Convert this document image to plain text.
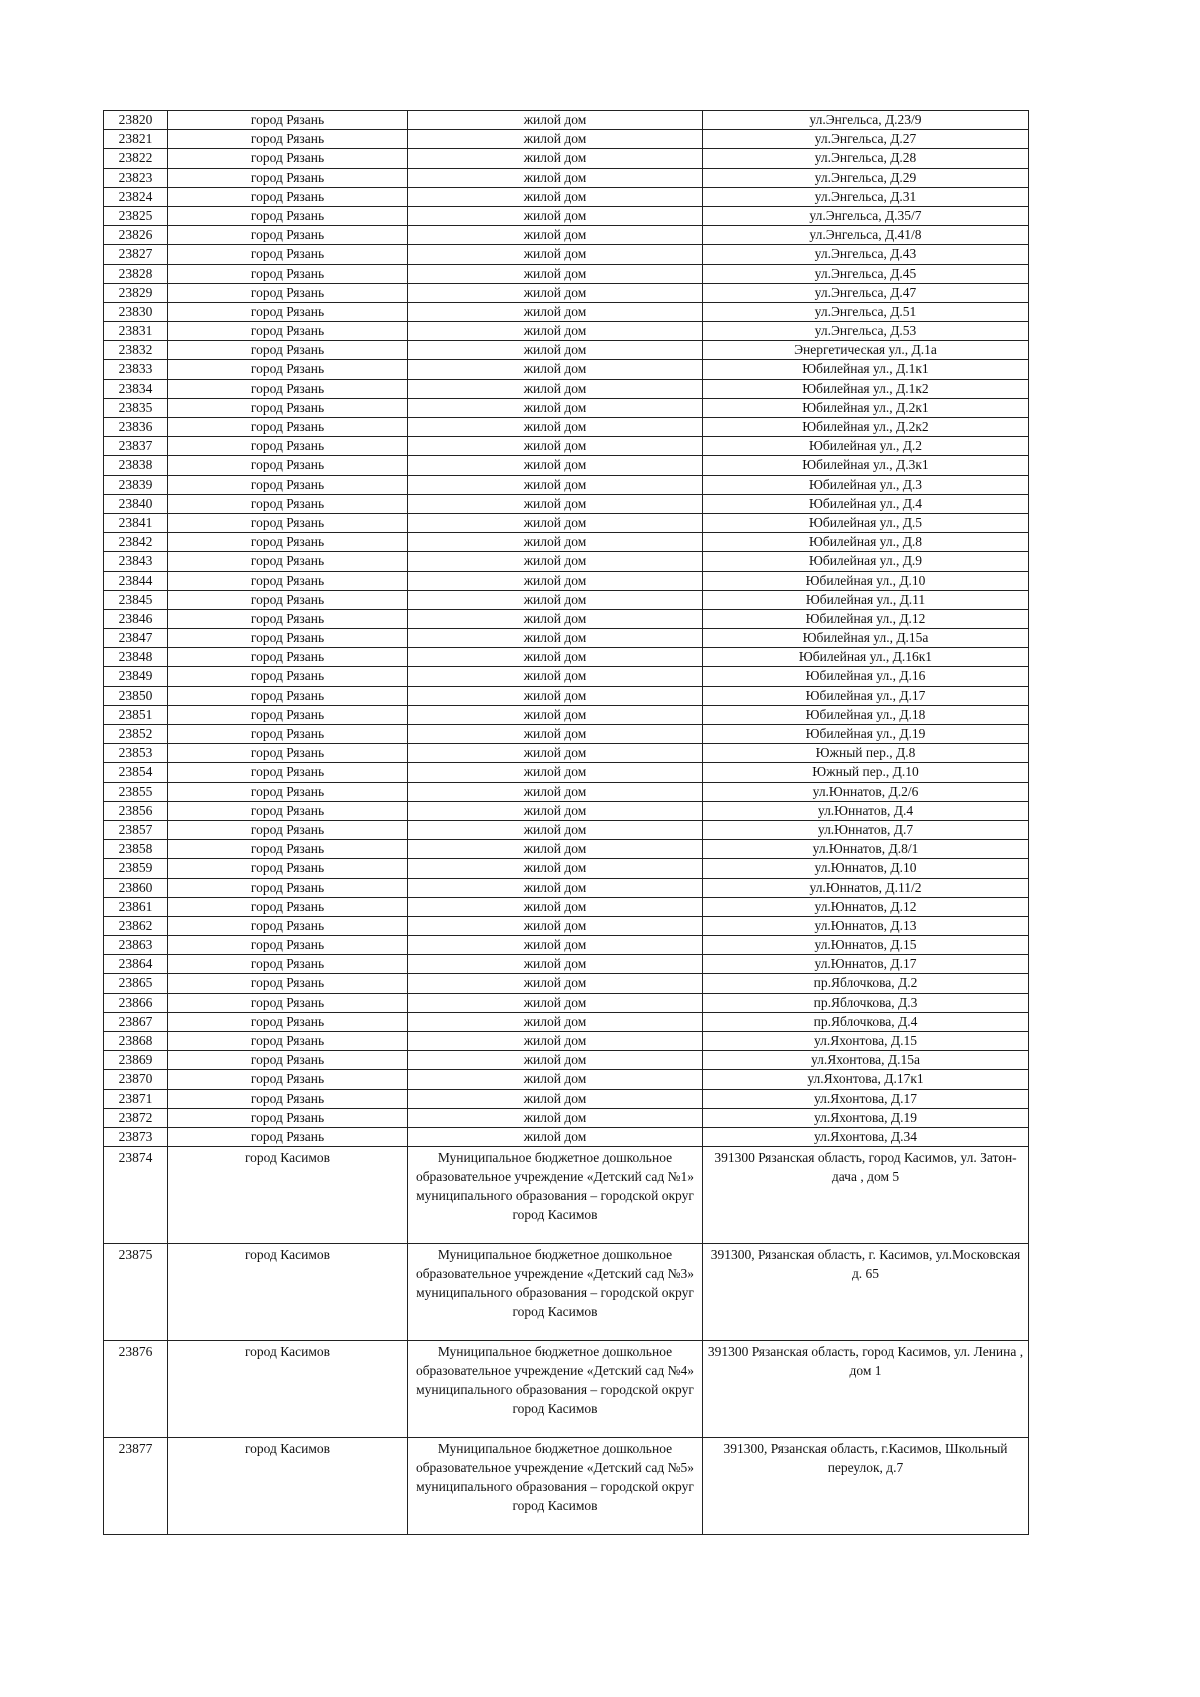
23820	город Рязань	жилой дом	ул.Энгельса, Д.23/9
23821	город Рязань	жилой дом	ул.Энгельса, Д.27
23822	город Рязань	жилой дом	ул.Энгельса, Д.28
23823	город Рязань	жилой дом	ул.Энгельса, Д.29
23824	город Рязань	жилой дом	ул.Энгельса, Д.31
23825	город Рязань	жилой дом	ул.Энгельса, Д.35/7
23826	город Рязань	жилой дом	ул.Энгельса, Д.41/8
23827	город Рязань	жилой дом	ул.Энгельса, Д.43
23828	город Рязань	жилой дом	ул.Энгельса, Д.45
23829	город Рязань	жилой дом	ул.Энгельса, Д.47
23830	город Рязань	жилой дом	ул.Энгельса, Д.51
23831	город Рязань	жилой дом	ул.Энгельса, Д.53
23832	город Рязань	жилой дом	Энергетическая ул., Д.1а
23833	город Рязань	жилой дом	Юбилейная ул., Д.1к1
23834	город Рязань	жилой дом	Юбилейная ул., Д.1к2
23835	город Рязань	жилой дом	Юбилейная ул., Д.2к1
23836	город Рязань	жилой дом	Юбилейная ул., Д.2к2
23837	город Рязань	жилой дом	Юбилейная ул., Д.2
23838	город Рязань	жилой дом	Юбилейная ул., Д.3к1
23839	город Рязань	жилой дом	Юбилейная ул., Д.3
23840	город Рязань	жилой дом	Юбилейная ул., Д.4
23841	город Рязань	жилой дом	Юбилейная ул., Д.5
23842	город Рязань	жилой дом	Юбилейная ул., Д.8
23843	город Рязань	жилой дом	Юбилейная ул., Д.9
23844	город Рязань	жилой дом	Юбилейная ул., Д.10
23845	город Рязань	жилой дом	Юбилейная ул., Д.11
23846	город Рязань	жилой дом	Юбилейная ул., Д.12
23847	город Рязань	жилой дом	Юбилейная ул., Д.15а
23848	город Рязань	жилой дом	Юбилейная ул., Д.16к1
23849	город Рязань	жилой дом	Юбилейная ул., Д.16
23850	город Рязань	жилой дом	Юбилейная ул., Д.17
23851	город Рязань	жилой дом	Юбилейная ул., Д.18
23852	город Рязань	жилой дом	Юбилейная ул., Д.19
23853	город Рязань	жилой дом	Южный пер., Д.8
23854	город Рязань	жилой дом	Южный пер., Д.10
23855	город Рязань	жилой дом	ул.Юннатов, Д.2/6
23856	город Рязань	жилой дом	ул.Юннатов, Д.4
23857	город Рязань	жилой дом	ул.Юннатов, Д.7
23858	город Рязань	жилой дом	ул.Юннатов, Д.8/1
23859	город Рязань	жилой дом	ул.Юннатов, Д.10
23860	город Рязань	жилой дом	ул.Юннатов, Д.11/2
23861	город Рязань	жилой дом	ул.Юннатов, Д.12
23862	город Рязань	жилой дом	ул.Юннатов, Д.13
23863	город Рязань	жилой дом	ул.Юннатов, Д.15
23864	город Рязань	жилой дом	ул.Юннатов, Д.17
23865	город Рязань	жилой дом	пр.Яблочкова, Д.2
23866	город Рязань	жилой дом	пр.Яблочкова, Д.3
23867	город Рязань	жилой дом	пр.Яблочкова, Д.4
23868	город Рязань	жилой дом	ул.Яхонтова, Д.15
23869	город Рязань	жилой дом	ул.Яхонтова, Д.15а
23870	город Рязань	жилой дом	ул.Яхонтова, Д.17к1
23871	город Рязань	жилой дом	ул.Яхонтова, Д.17
23872	город Рязань	жилой дом	ул.Яхонтова, Д.19
23873	город Рязань	жилой дом	ул.Яхонтова, Д.34
23874	город Касимов	Муниципальное бюджетное дошкольное образовательное учреждение «Детский сад №1» муниципального образования – городской округ город Касимов	391300 Рязанская область, город Касимов, ул. Затон-дача , дом 5
23875	город Касимов	Муниципальное бюджетное дошкольное образовательное учреждение «Детский сад №3» муниципального образования – городской округ город Касимов	391300, Рязанская область, г. Касимов, ул.Московская д. 65
23876	город Касимов	Муниципальное бюджетное дошкольное образовательное учреждение «Детский сад №4» муниципального образования – городской округ город Касимов	391300 Рязанская область, город Касимов, ул. Ленина , дом 1
23877	город Касимов	Муниципальное бюджетное дошкольное образовательное учреждение «Детский сад №5» муниципального образования – городской округ город Касимов	391300, Рязанская область, г.Касимов, Школьный переулок, д.7
